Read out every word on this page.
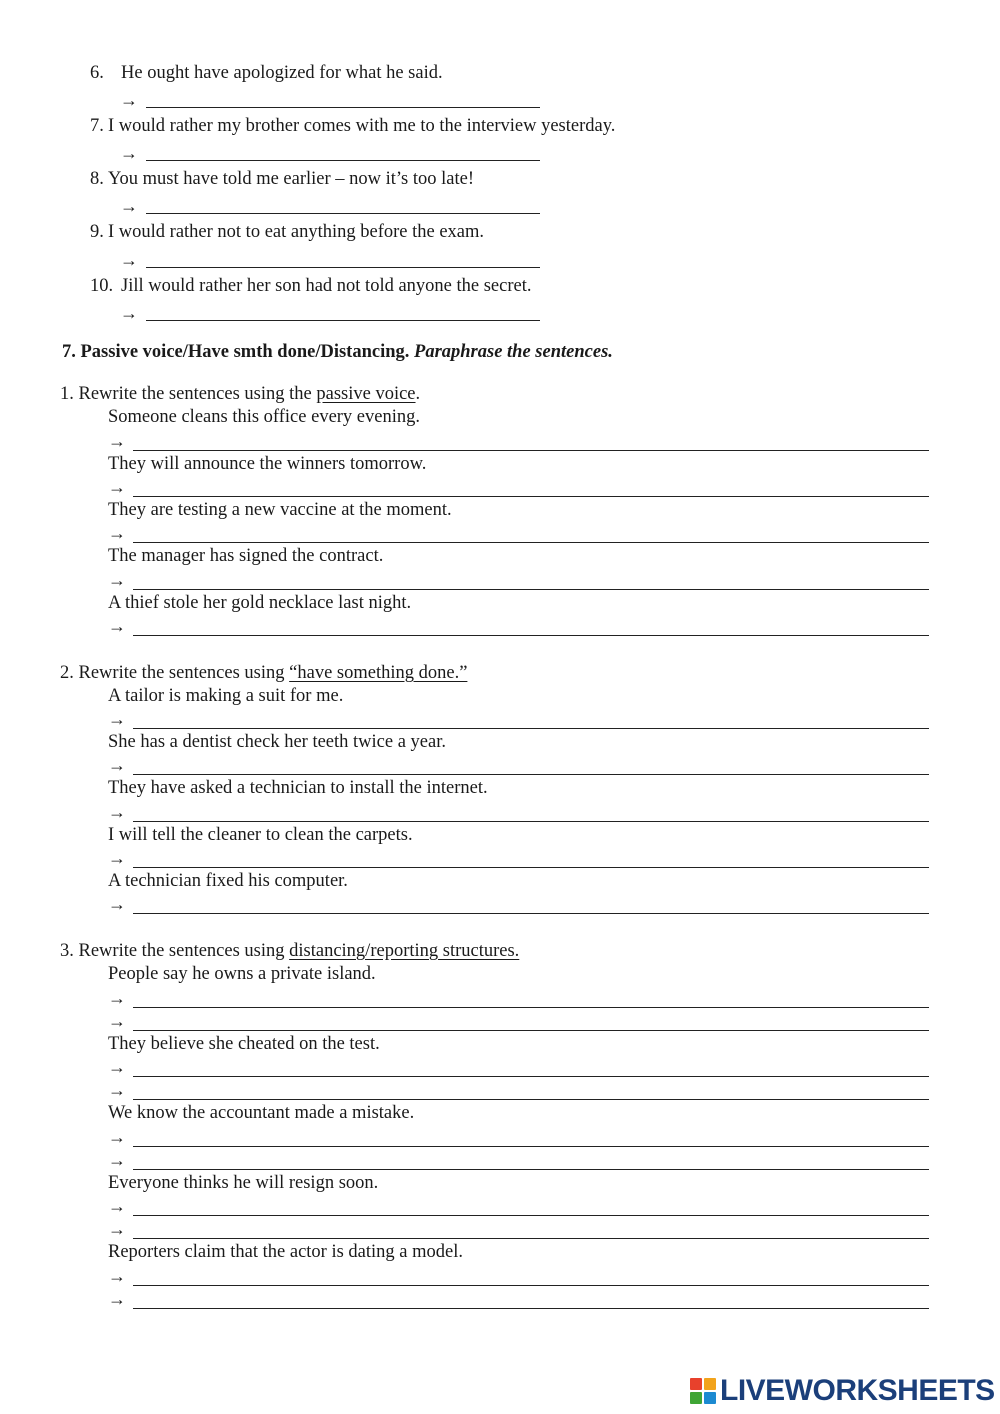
6. He ought have apologized for what he said.
→
7. I would rather my brother comes with me to the interview yesterday.
→
8. You must have told me earlier – now it’s too late!
→
9. I would rather not to eat anything before the exam.
→
10. Jill would rather her son had not told anyone the secret.
→
7. Passive voice/Have smth done/Distancing. Paraphrase the sentences.
1. Rewrite the sentences using the passive voice.
Someone cleans this office every evening.
→
They will announce the winners tomorrow.
→
They are testing a new vaccine at the moment.
→
The manager has signed the contract.
→
A thief stole her gold necklace last night.
→
2. Rewrite the sentences using “have something done.”
A tailor is making a suit for me.
→
She has a dentist check her teeth twice a year.
→
They have asked a technician to install the internet.
→
I will tell the cleaner to clean the carpets.
→
A technician fixed his computer.
→
3. Rewrite the sentences using distancing/reporting structures.
People say he owns a private island.
→
→
They believe she cheated on the test.
→
→
We know the accountant made a mistake.
→
→
Everyone thinks he will resign soon.
→
→
Reporters claim that the actor is dating a model.
→
→
LIVEWORKSHEETS
